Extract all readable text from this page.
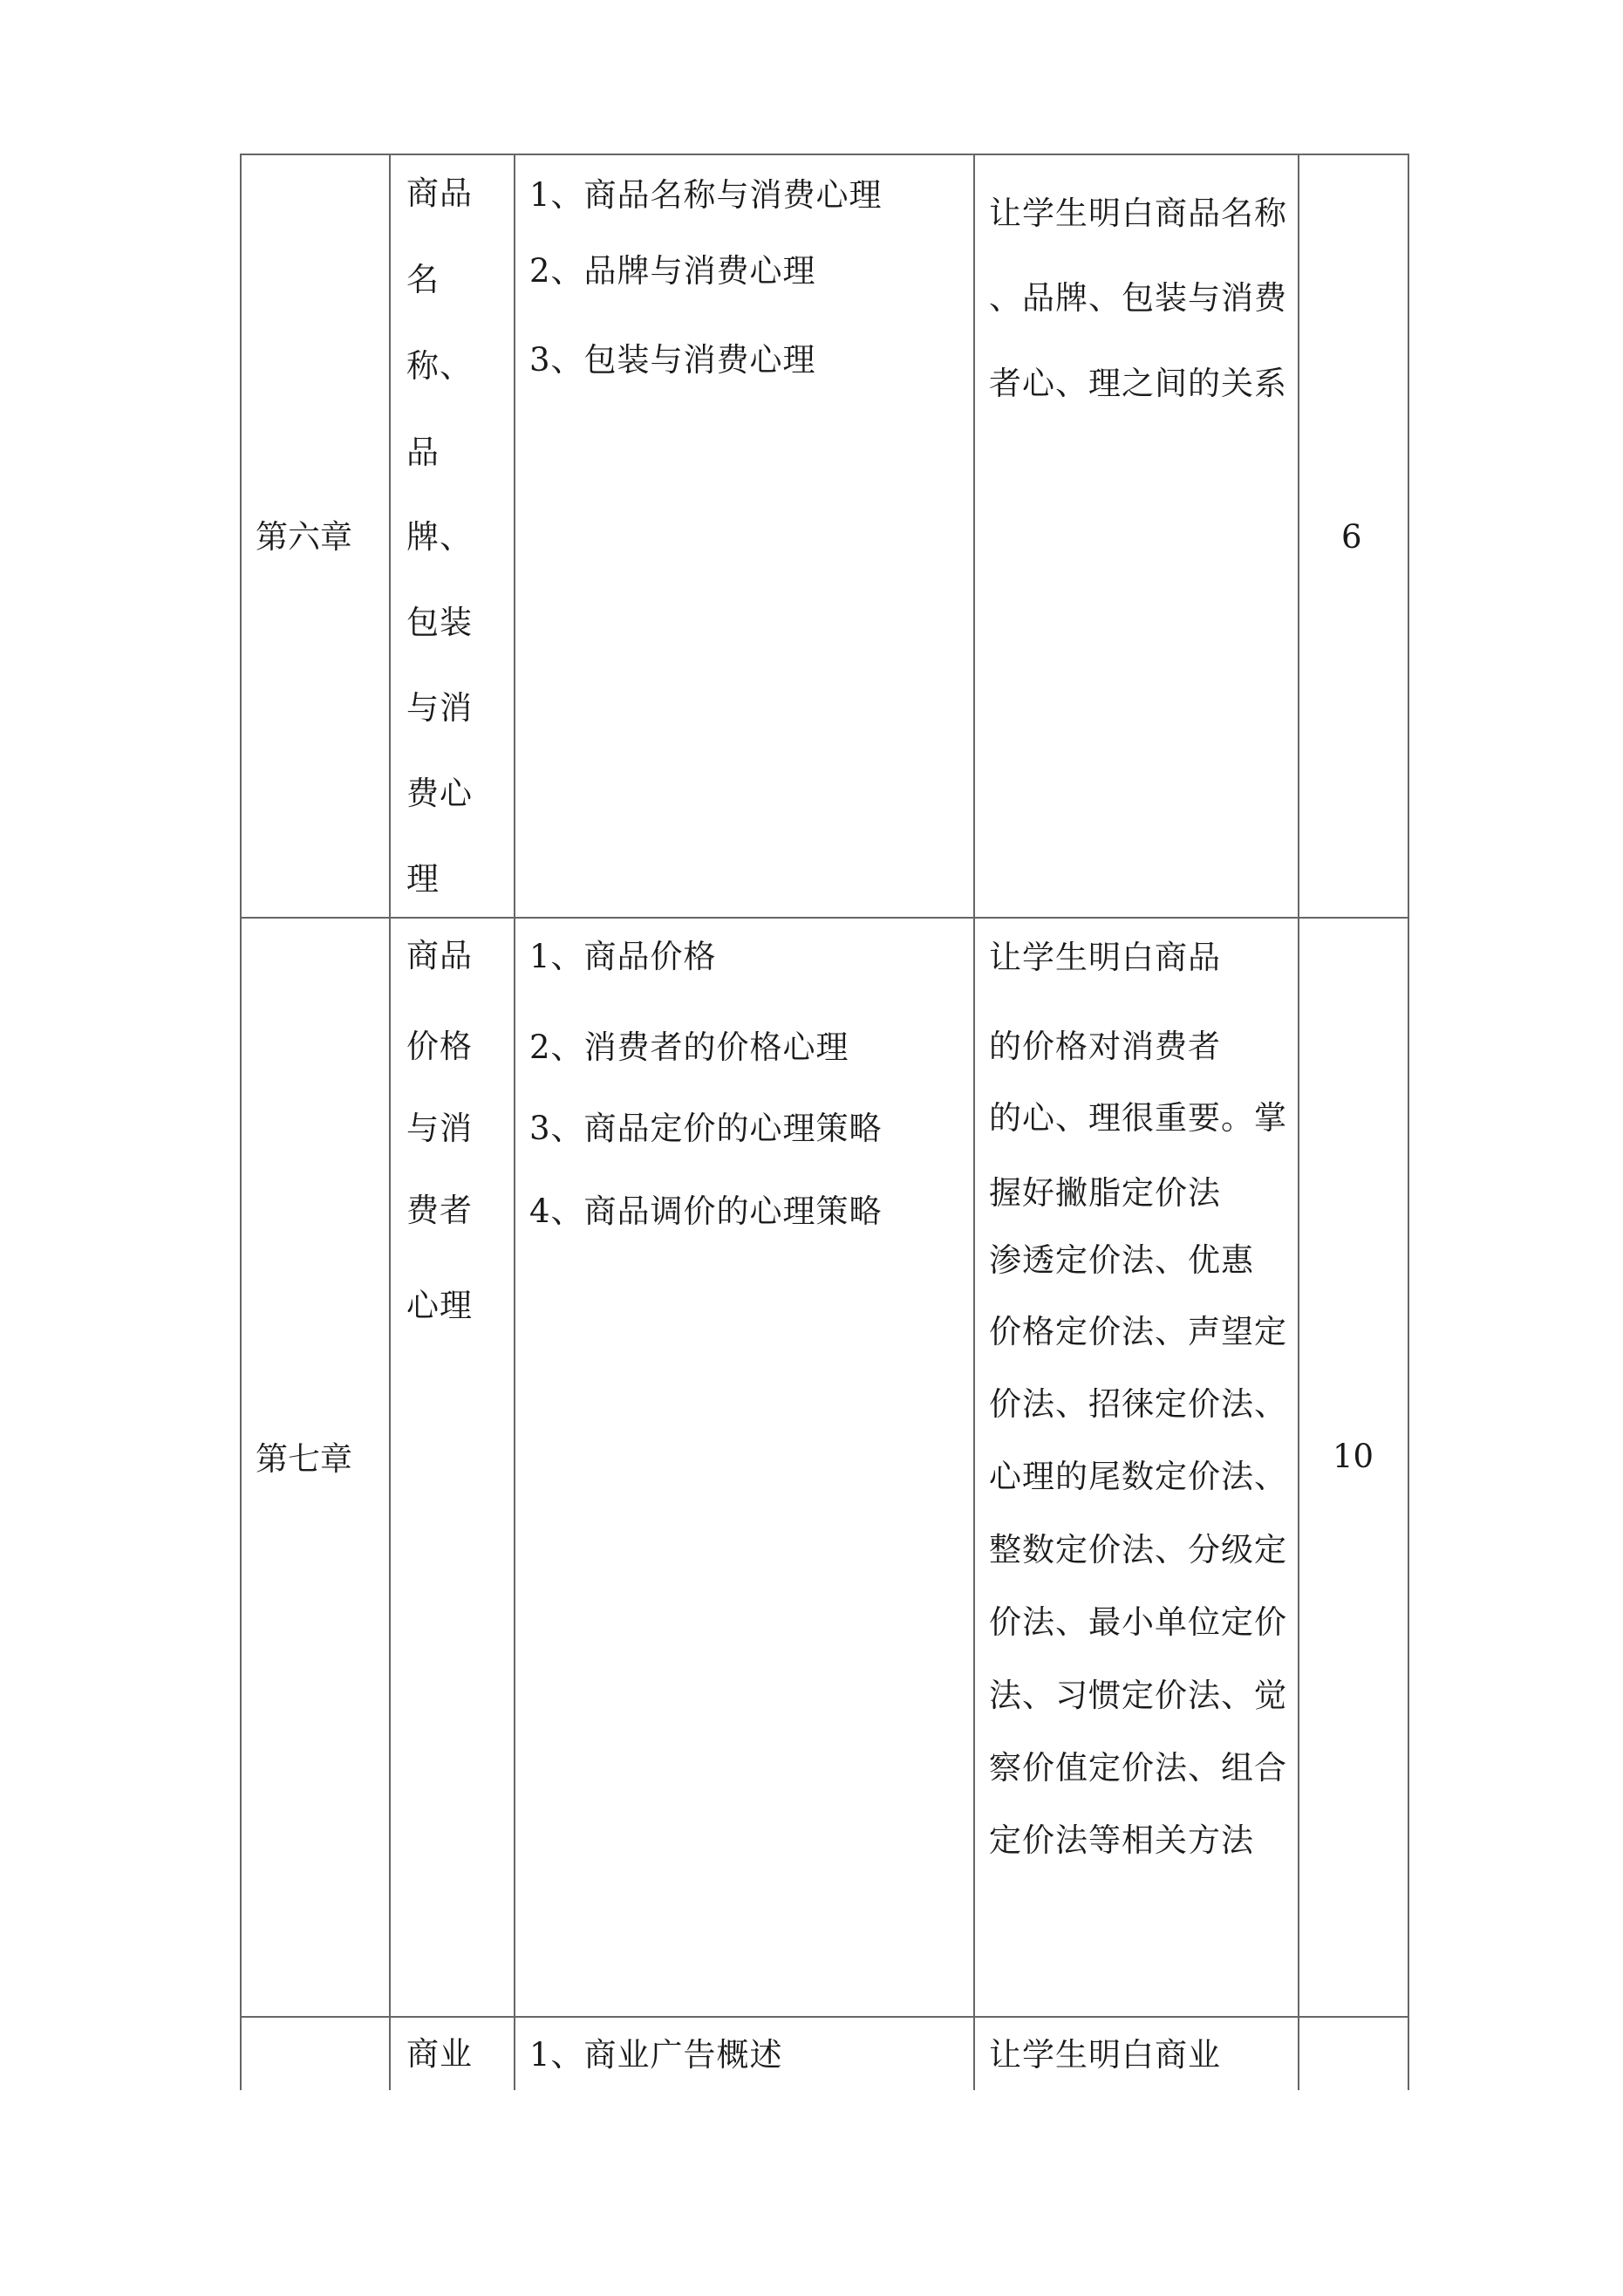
第六章
商品
名
称、
品
牌、
包装
与消
费心
理
1、商品名称与消费心理
2、品牌与消费心理
3、包装与消费心理
让学生明白商品名称
、品牌、包装与消费
者心、理之间的关系
6
第七章
商品
价格
与消
费者
心理
1、商品价格
2、消费者的价格心理
3、商品定价的心理策略
4、商品调价的心理策略
让学生明白商品
的价格对消费者
的心、理很重要。掌
握好撇脂定价法
渗透定价法、优惠
价格定价法、声望定
价法、招徕定价法、
心理的尾数定价法、
整数定价法、分级定
价法、最小单位定价
法、习惯定价法、觉
察价值定价法、组合
定价法等相关方法
10
商业 1、商业广告概述	让学生明白商业
